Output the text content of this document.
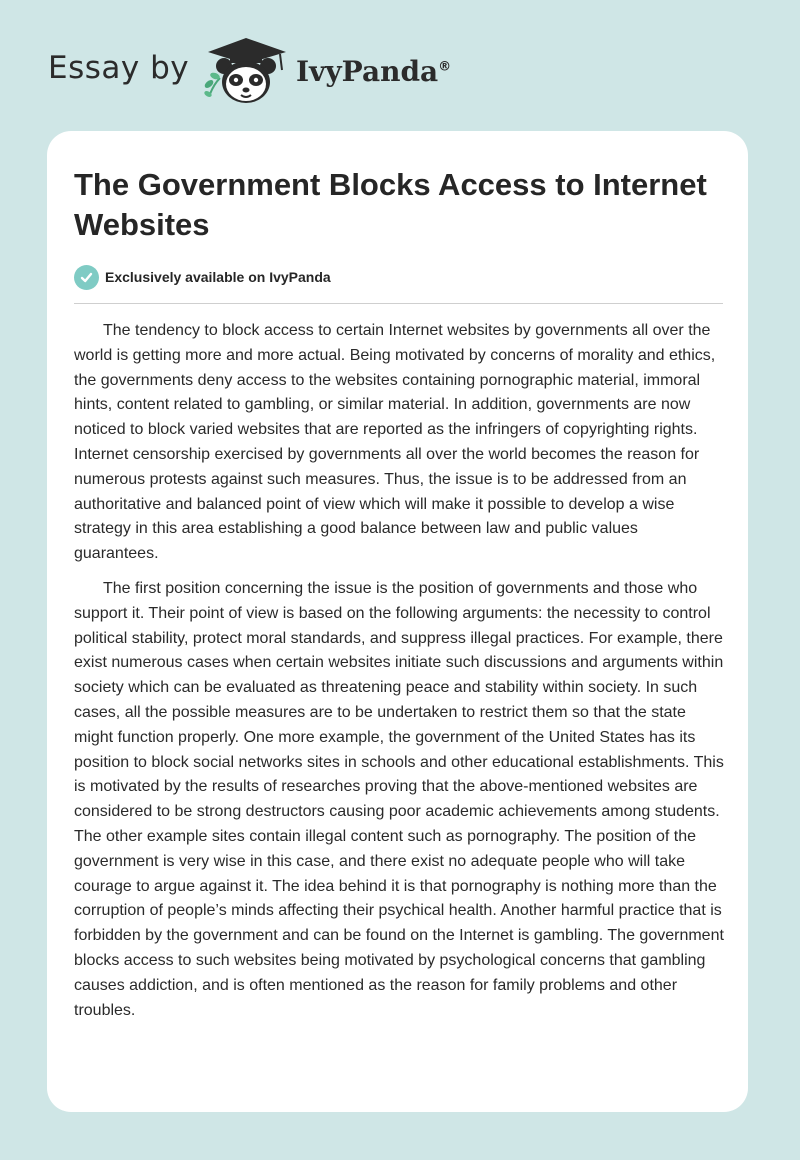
Essay by	IvyPanda®
The Government Blocks Access to Internet Websites
Exclusively available on IvyPanda

The tendency to block access to certain Internet websites by governments all over the world is getting more and more actual. Being motivated by concerns of morality and ethics, the governments deny access to the websites containing pornographic material, immoral hints, content related to gambling, or similar material. In addition, governments are now noticed to block varied websites that are reported as the infringers of copyrighting rights. Internet censorship exercised by governments all over the world becomes the reason for numerous protests against such measures. Thus, the issue is to be addressed from an authoritative and balanced point of view which will make it possible to develop a wise strategy in this area establishing a good balance between law and public values guarantees.

The first position concerning the issue is the position of governments and those who support it. Their point of view is based on the following arguments: the necessity to control political stability, protect moral standards, and suppress illegal practices. For example, there exist numerous cases when certain websites initiate such discussions and arguments within society which can be evaluated as threatening peace and stability within society. In such cases, all the possible measures are to be undertaken to restrict them so that the state might function properly. One more example, the government of the United States has its position to block social networks sites in schools and other educational establishments. This is motivated by the results of researches proving that the above-mentioned websites are considered to be strong destructors causing poor academic achievements among students. The other example sites contain illegal content such as pornography. The position of the government is very wise in this case, and there exist no adequate people who will take courage to argue against it. The idea behind it is that pornography is nothing more than the corruption of people’s minds affecting their psychical health. Another harmful practice that is forbidden by the government and can be found on the Internet is gambling. The government blocks access to such websites being motivated by psychological concerns that gambling causes addiction, and is often mentioned as the reason for family problems and other troubles.
